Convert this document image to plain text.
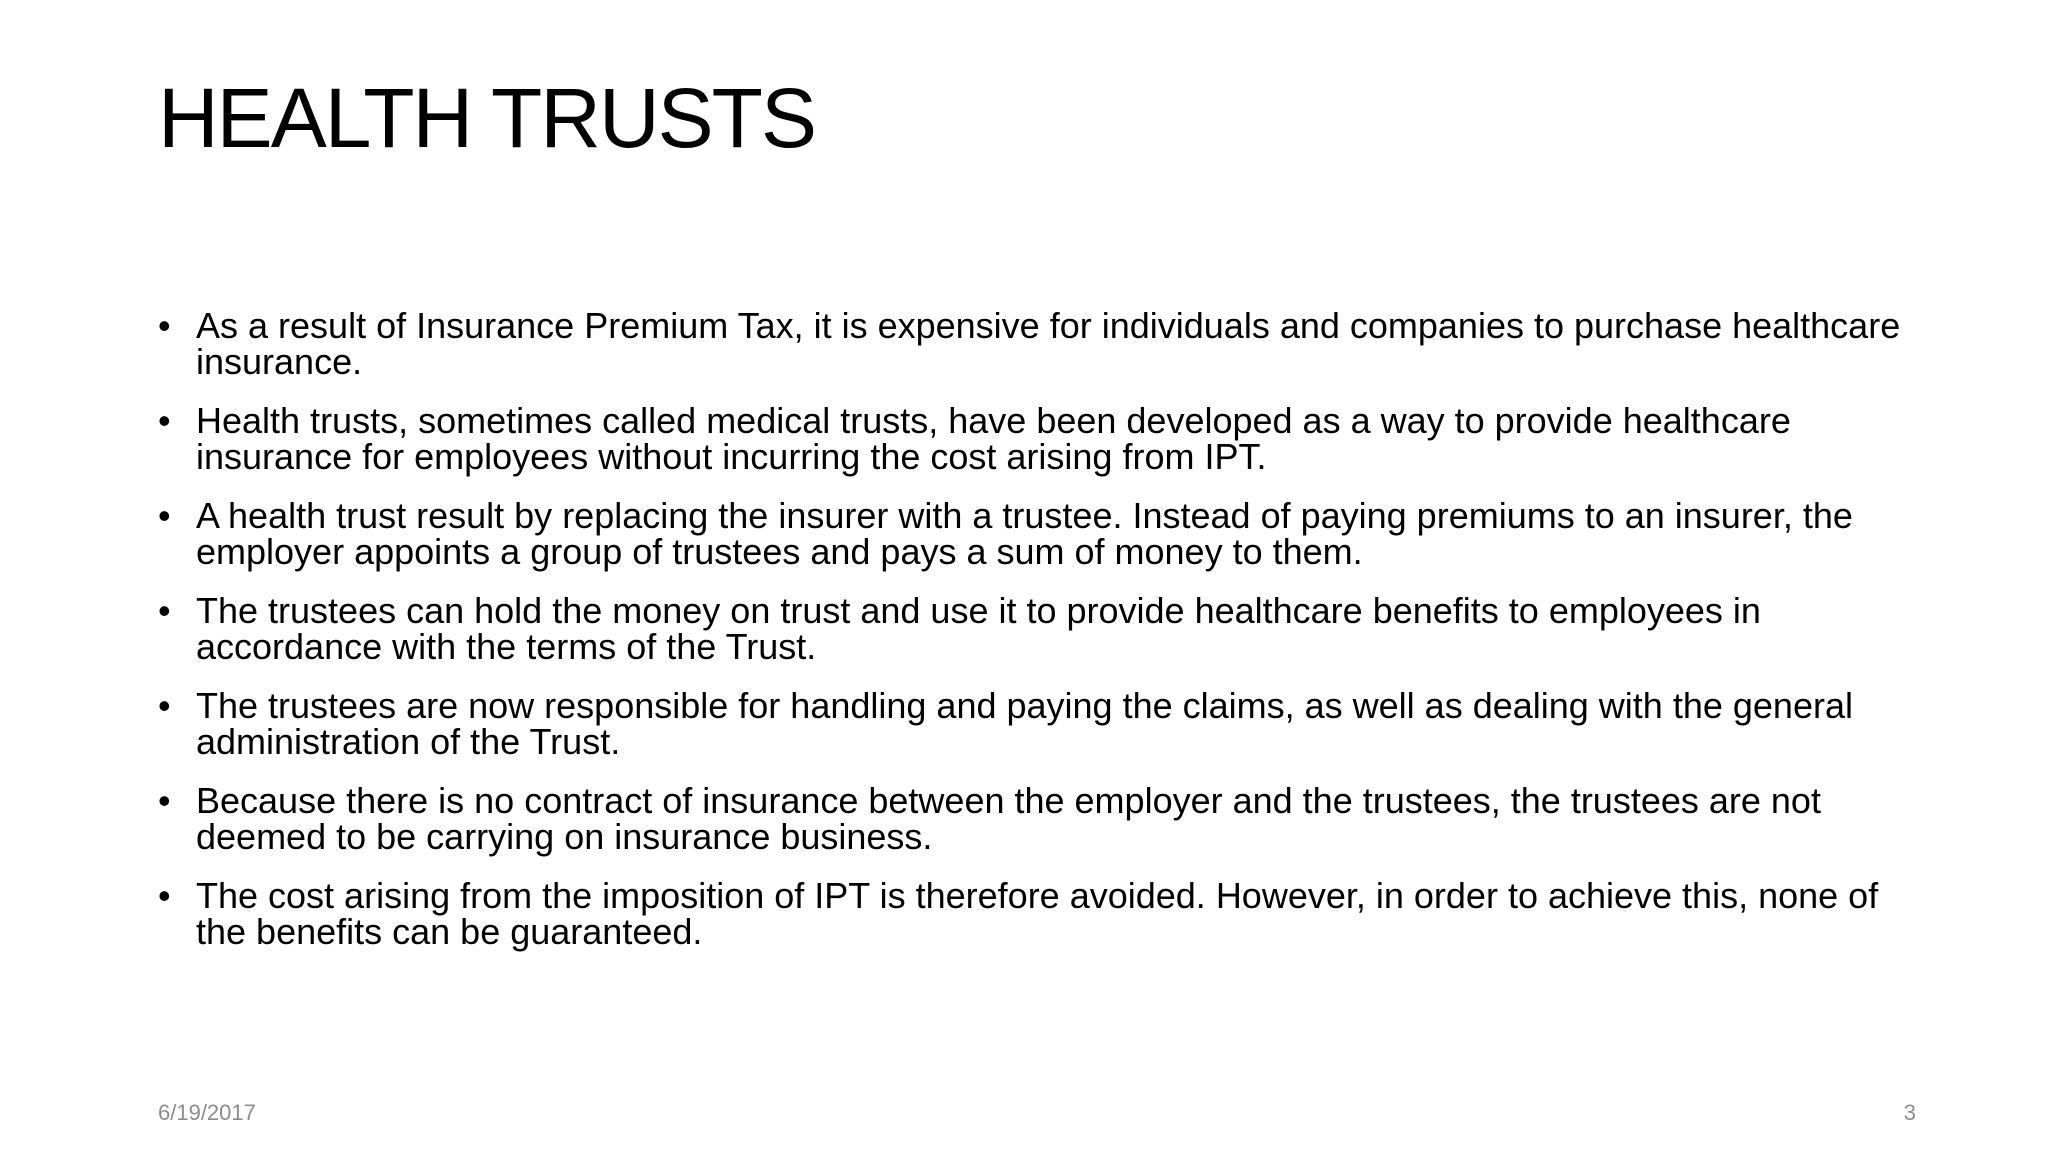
HEALTH TRUSTS
• As a result of Insurance Premium Tax, it is expensive for individuals and companies to purchase healthcare insurance.
• Health trusts, sometimes called medical trusts, have been developed as a way to provide healthcare insurance for employees without incurring the cost arising from IPT.
• A health trust result by replacing the insurer with a trustee. Instead of paying premiums to an insurer, the employer appoints a group of trustees and pays a sum of money to them.
• The trustees can hold the money on trust and use it to provide healthcare benefits to employees in accordance with the terms of the Trust.
• The trustees are now responsible for handling and paying the claims, as well as dealing with the general administration of the Trust.
• Because there is no contract of insurance between the employer and the trustees, the trustees are not deemed to be carrying on insurance business.
• The cost arising from the imposition of IPT is therefore avoided. However, in order to achieve this, none of the benefits can be guaranteed.
6/19/2017	3
